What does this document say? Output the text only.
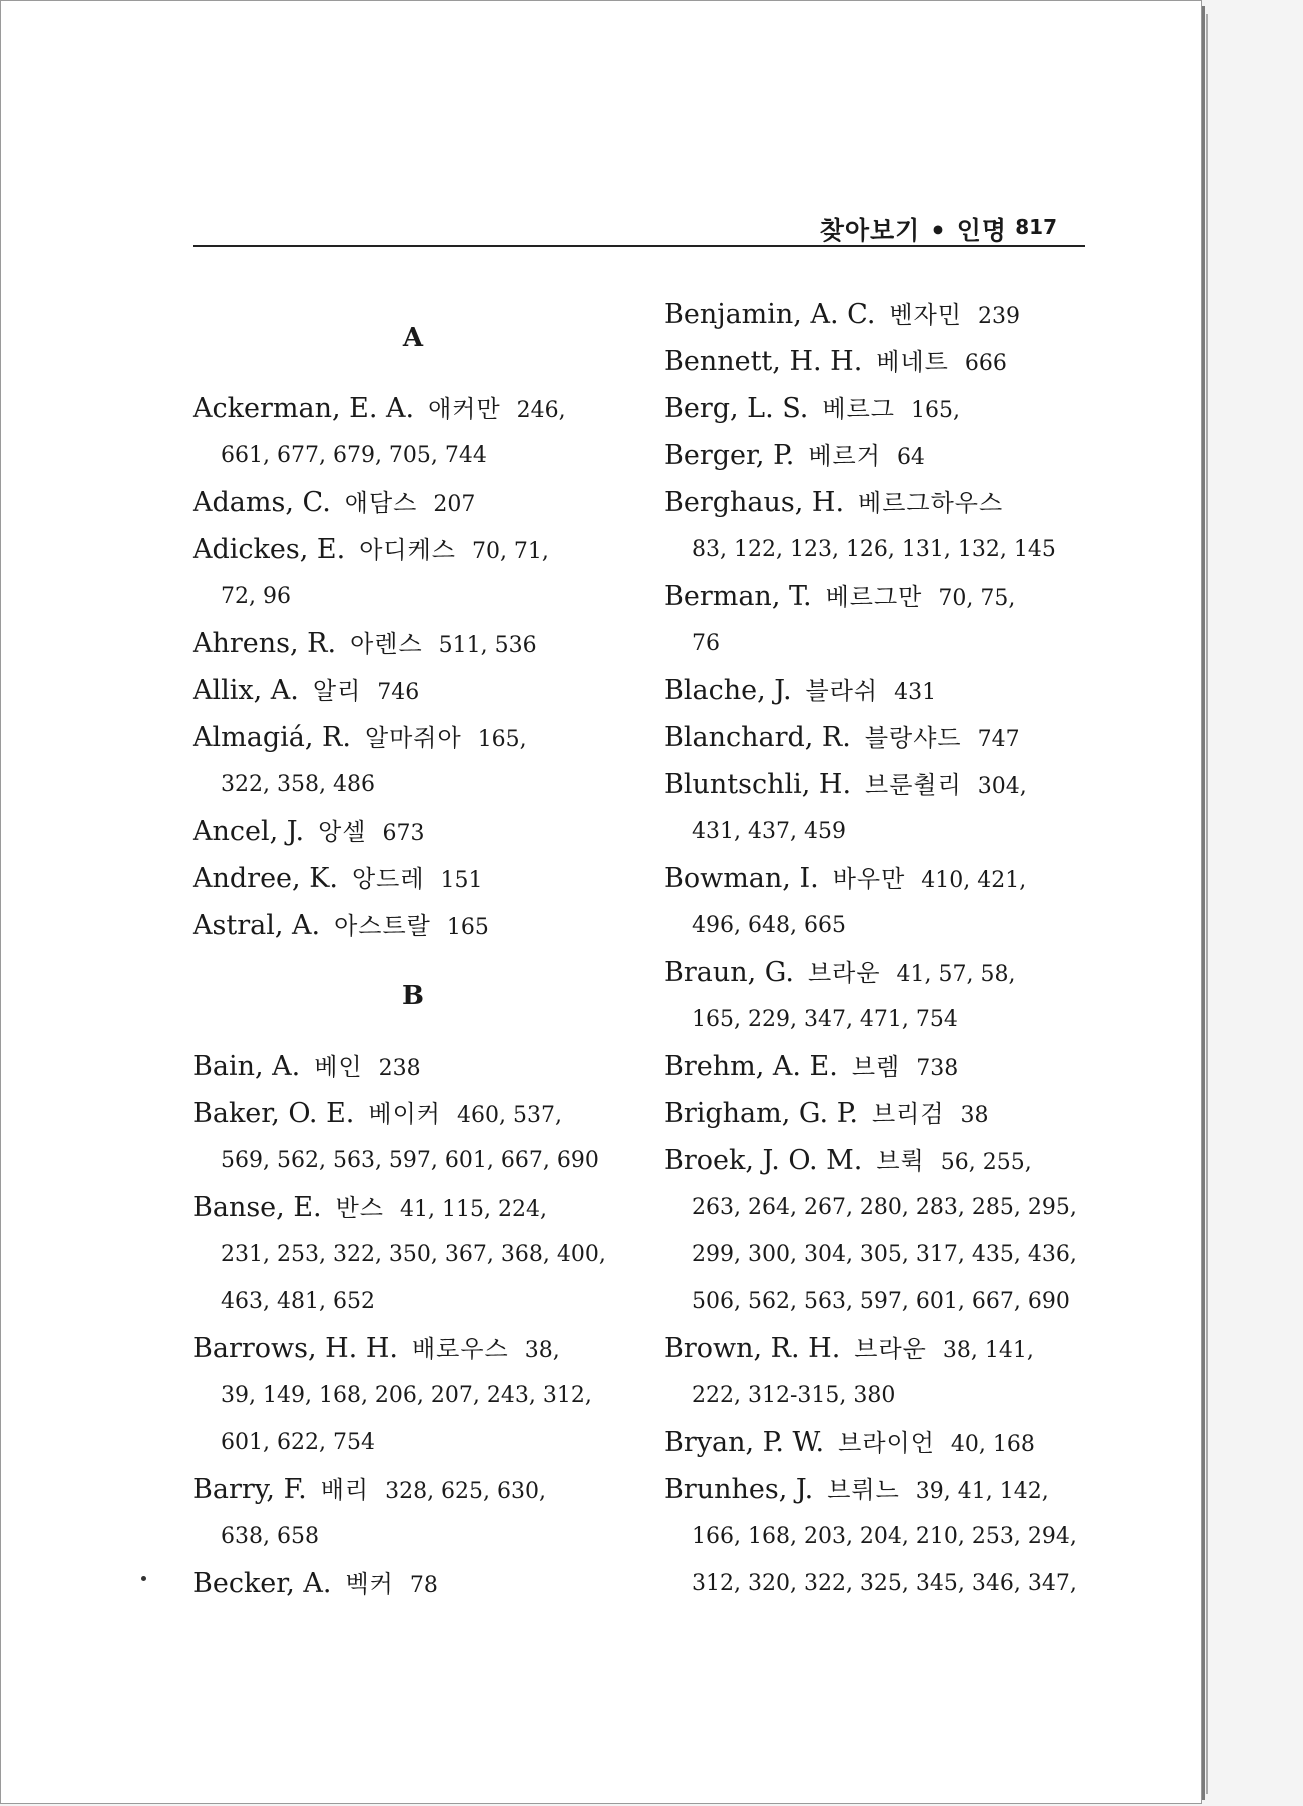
찾아보기 • 인명 817
A
Ackerman, E. A. 애커만 246,
661, 677, 679, 705, 744
Adams, C. 애담스 207
Adickes, E. 아디케스 70, 71,
72, 96
Ahrens, R. 아렌스 511, 536
Allix, A. 알리 746
Almagiá, R. 알마쥐아 165,
322, 358, 486
Ancel, J. 앙셀 673
Andree, K. 앙드레 151
Astral, A. 아스트랄 165
B
Bain, A. 베인 238
Baker, O. E. 베이커 460, 537,
569, 562, 563, 597, 601, 667, 690
Banse, E. 반스 41, 115, 224,
231, 253, 322, 350, 367, 368, 400,
463, 481, 652
Barrows, H. H. 배로우스 38,
39, 149, 168, 206, 207, 243, 312,
601, 622, 754
Barry, F. 배리 328, 625, 630,
638, 658
Becker, A. 벡커 78
Benjamin, A. C. 벤자민 239
Bennett, H. H. 베네트 666
Berg, L. S. 베르그 165,
Berger, P. 베르거 64
Berghaus, H. 베르그하우스
83, 122, 123, 126, 131, 132, 145
Berman, T. 베르그만 70, 75,
76
Blache, J. 블라쉬 431
Blanchard, R. 블랑샤드 747
Bluntschli, H. 브룬췰리 304,
431, 437, 459
Bowman, I. 바우만 410, 421,
496, 648, 665
Braun, G. 브라운 41, 57, 58,
165, 229, 347, 471, 754
Brehm, A. E. 브렘 738
Brigham, G. P. 브리검 38
Broek, J. O. M. 브뤽 56, 255,
263, 264, 267, 280, 283, 285, 295,
299, 300, 304, 305, 317, 435, 436,
506, 562, 563, 597, 601, 667, 690
Brown, R. H. 브라운 38, 141,
222, 312-315, 380
Bryan, P. W. 브라이언 40, 168
Brunhes, J. 브뤼느 39, 41, 142,
166, 168, 203, 204, 210, 253, 294,
312, 320, 322, 325, 345, 346, 347,
